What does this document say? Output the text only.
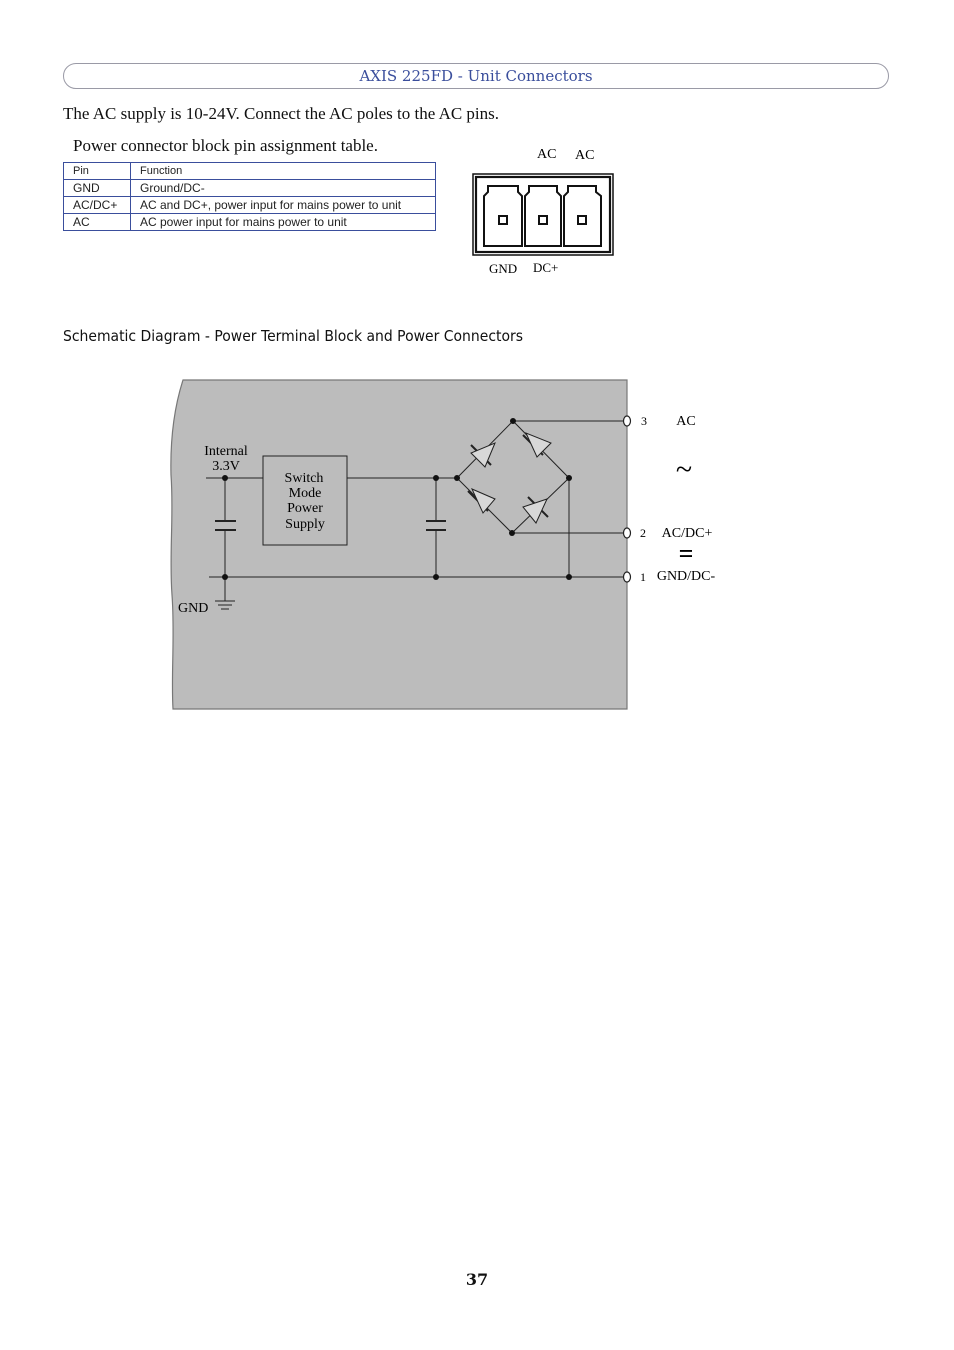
AXIS 225FD - Unit Connectors
The AC supply is 10-24V. Connect the AC poles to the AC pins.
Power connector block pin assignment table.
Pin	Function
GND	Ground/DC-
AC/DC+	AC and DC+, power input for mains power to unit
AC	AC power input for mains power to unit
AC AC
GND DC+
Schematic Diagram - Power Terminal Block and Power Connectors
Internal
3.3V
Switch
Mode
Power
Supply
GND
3 AC
~
2 AC/DC+
=
1 GND/DC-
37
